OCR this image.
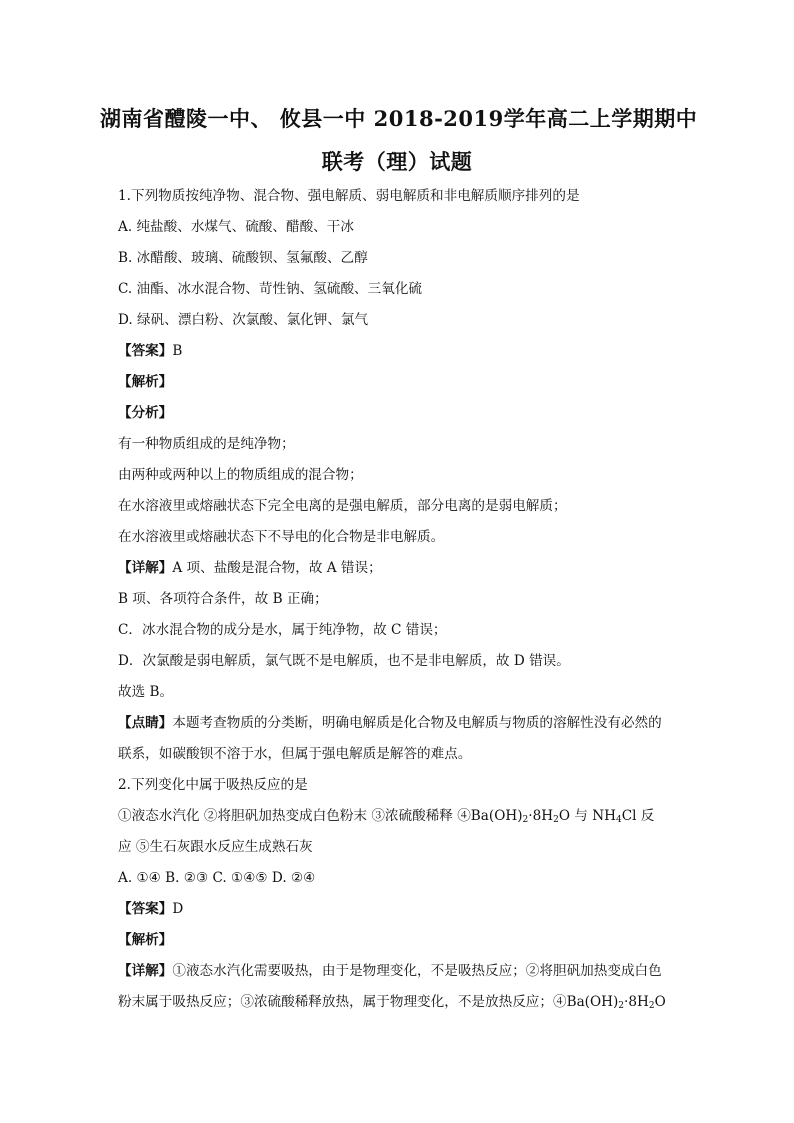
湖南省醴陵一中、 攸县一中 2018-2019学年高二上学期期中
联考（理）试题
1.下列物质按纯净物、混合物、强电解质、弱电解质和非电解质顺序排列的是
A. 纯盐酸、水煤气、硫酸、醋酸、干冰
B. 冰醋酸、玻璃、硫酸钡、氢氟酸、乙醇
C. 油酯、冰水混合物、苛性钠、氢硫酸、三氧化硫
D. 绿矾、漂白粉、次氯酸、氯化钾、氯气
【答案】B
【解析】
【分析】
有一种物质组成的是纯净物；
由两种或两种以上的物质组成的混合物；
在水溶液里或熔融状态下完全电离的是强电解质，部分电离的是弱电解质；
在水溶液里或熔融状态下不导电的化合物是非电解质。
【详解】A 项、盐酸是混合物，故 A 错误；
B 项、各项符合条件，故 B 正确；
C．冰水混合物的成分是水，属于纯净物，故 C 错误；
D．次氯酸是弱电解质，氯气既不是电解质，也不是非电解质，故 D 错误。
故选 B。
【点睛】本题考查物质的分类断，明确电解质是化合物及电解质与物质的溶解性没有必然的
联系，如碳酸钡不溶于水，但属于强电解质是解答的难点。
2.下列变化中属于吸热反应的是
①液态水汽化 ②将胆矾加热变成白色粉末 ③浓硫酸稀释 $④Ba(OH)_2\cdot 8H_2O$ 与 $NH_4Cl$ 反
应 ⑤生石灰跟水反应生成熟石灰
A. ①④ B. ②③ C. ①④⑤ D. ②④
【答案】D
【解析】
【详解】①液态水汽化需要吸热，由于是物理变化，不是吸热反应；②将胆矾加热变成白色
粉末属于吸热反应；③浓硫酸稀释放热，属于物理变化，不是放热反应；$④Ba(OH)_2\cdot 8H_2O$
